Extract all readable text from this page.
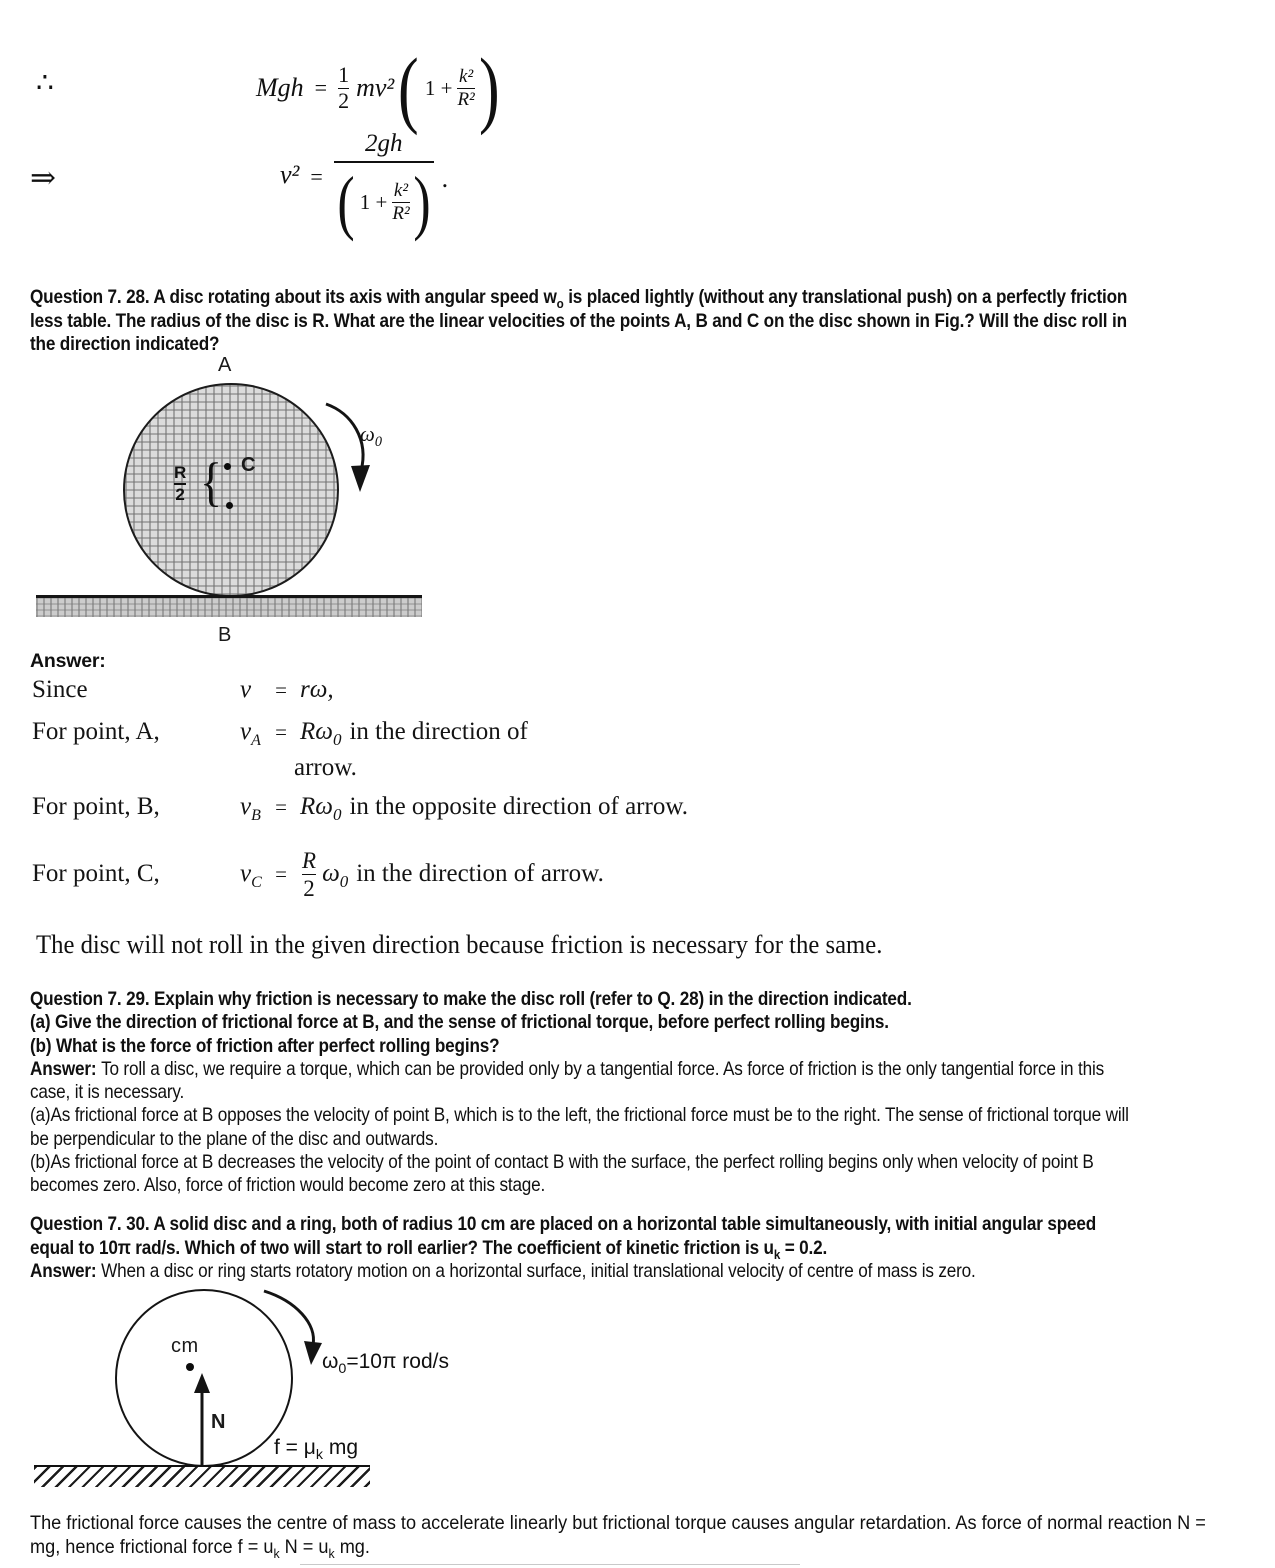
∴	Mgh = $\frac{1}{2} mv^2$ ( $1 + \frac{\text{k²}}{\text{R²}}$ )
⇒	v² =
2gh
( $1 + \frac{\text{k²}}{\text{R²}}$ ) .
Question 7. 28. A disc rotating about its axis with angular speed $w_o$ is placed lightly (without any translational push) on a perfectly friction
less table. The radius of the disc is R. What are the linear velocities of the points A, B and C on the disc shown in Fig.? Will the disc roll in
the direction indicated?
A
$\omega_0$
R
2 { C
B
Answer:
Since	v	= rω,
For point, A,	$v_A = R\omega_0$ in the direction of
arrow.
For point, B,	$v_B = R\omega_0$ in the opposite direction of arrow.
For point, C,	$v_C$ =
R
2
$\omega_0$ in the direction of arrow.
The disc will not roll in the given direction because friction is necessary for the same.
Question 7. 29. Explain why friction is necessary to make the disc roll (refer to Q. 28) in the direction indicated.
(a) Give the direction of frictional force at B, and the sense of frictional torque, before perfect rolling begins.
(b) What is the force of friction after perfect rolling begins?
Answer: To roll a disc, we require a torque, which can be provided only by a tangential force. As force of friction is the only tangential force in this
case, it is necessary.
(a)As frictional force at B opposes the velocity of point B, which is to the left, the frictional force must be to the right. The sense of frictional torque will
be perpendicular to the plane of the disc and outwards.
(b)As frictional force at B decreases the velocity of the point of contact B with the surface, the perfect rolling begins only when velocity of point B
becomes zero. Also, force of friction would become zero at this stage.
Question 7. 30. A solid disc and a ring, both of radius 10 cm are placed on a horizontal table simultaneously, with initial angular speed
equal to 10π rad/s. Which of two will start to roll earlier? The coefficient of kinetic friction is $u_k = 0.2$.
Answer: When a disc or ring starts rotatory motion on a horizontal surface, initial translational velocity of centre of mass is zero.
cm
N
$\omega_0=10\pi$ rod/s
$f = \mu_k$ mg
The frictional force causes the centre of mass to accelerate linearly but frictional torque causes angular retardation. As force of normal reaction N =
mg, hence frictional force $f = u_k$ $N = u_k$ mg.
